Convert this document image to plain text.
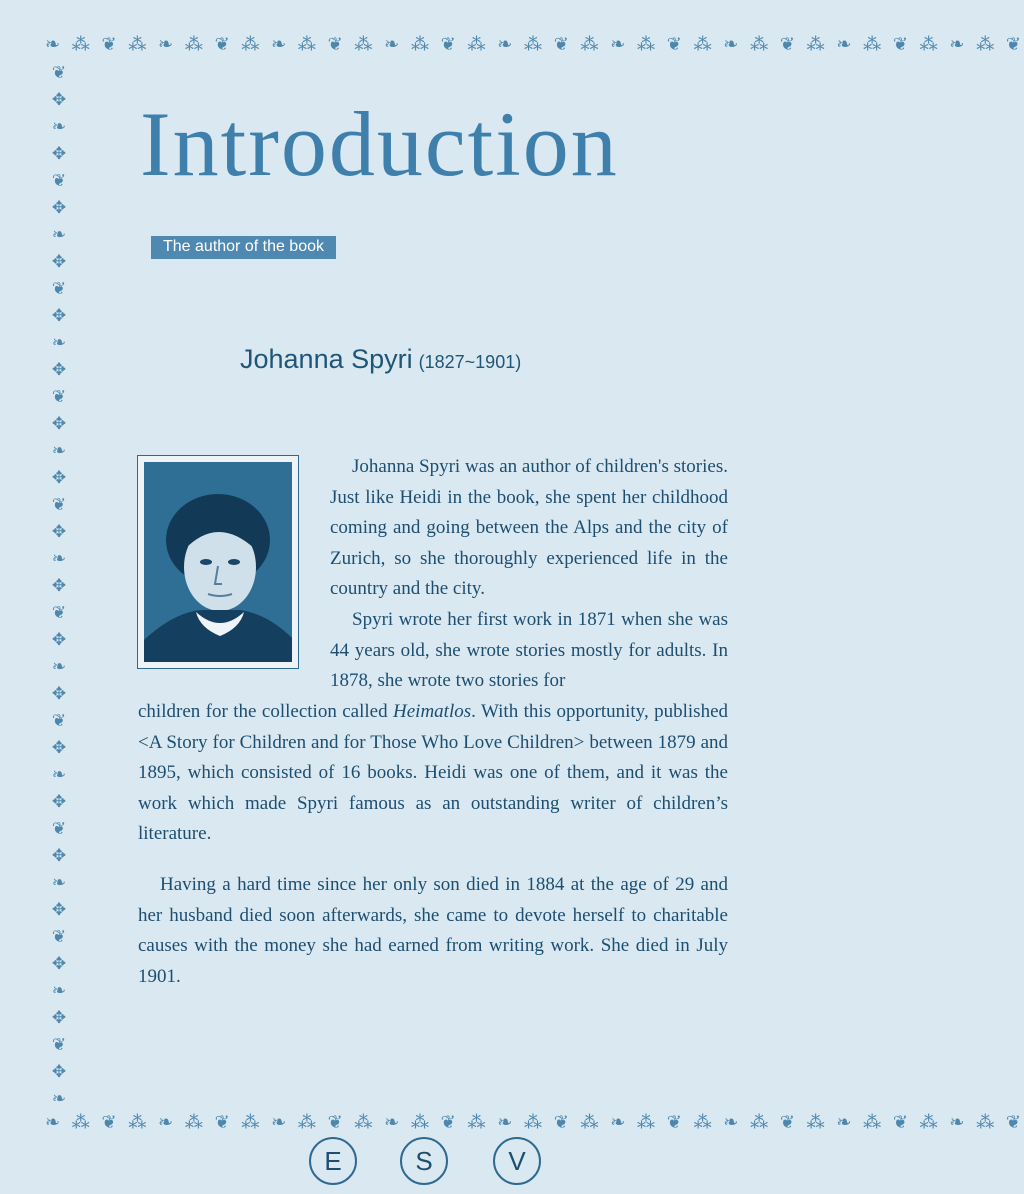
❧ ⁂ ❦ ⁂ ❧ ⁂ ❦ ⁂ ❧ ⁂ ❦ ⁂ ❧ ⁂ ❦ ⁂ ❧ ⁂ ❦ ⁂ ❧ ⁂ ❦ ⁂ ❧ ⁂ ❦ ⁂ ❧ ⁂ ❦ ⁂ ❧ ⁂ ❦
❦
✥
❧
✥
❦
✥
❧
✥
❦
✥
❧
✥
❦
✥
❧
✥
❦
✥
❧
✥
❦
✥
❧
✥
❦
✥
❧
✥
❦
✥
❧
✥
❦
✥
❧
✥
❦
✥
❧
❧ ⁂ ❦ ⁂ ❧ ⁂ ❦ ⁂ ❧ ⁂ ❦ ⁂ ❧ ⁂ ❦ ⁂ ❧ ⁂ ❦ ⁂ ❧ ⁂ ❦ ⁂ ❧ ⁂ ❦ ⁂ ❧ ⁂ ❦ ⁂ ❧ ⁂ ❦
Introduction
The author of the book
Johanna Spyri (1827~1901)

Johanna Spyri was an author of children's stories. Just like Heidi in the book, she spent her childhood coming and going between the Alps and the city of Zurich, so she thoroughly experienced life in the country and the city.

Spyri wrote her first work in 1871 when she was 44 years old, she wrote stories mostly for adults. In 1878, she wrote two stories for

children for the collection called Heimatlos. With this opportunity, published <A Story for Children and for Those Who Love Children> between 1879 and 1895, which consisted of 16 books. Heidi was one of them, and it was the work which made Spyri famous as an outstanding writer of children’s literature.

Having a hard time since her only son died in 1884 at the age of 29 and her husband died soon afterwards, she came to devote herself to charitable causes with the money she had earned from writing work. She died in July 1901.

E	S	V
